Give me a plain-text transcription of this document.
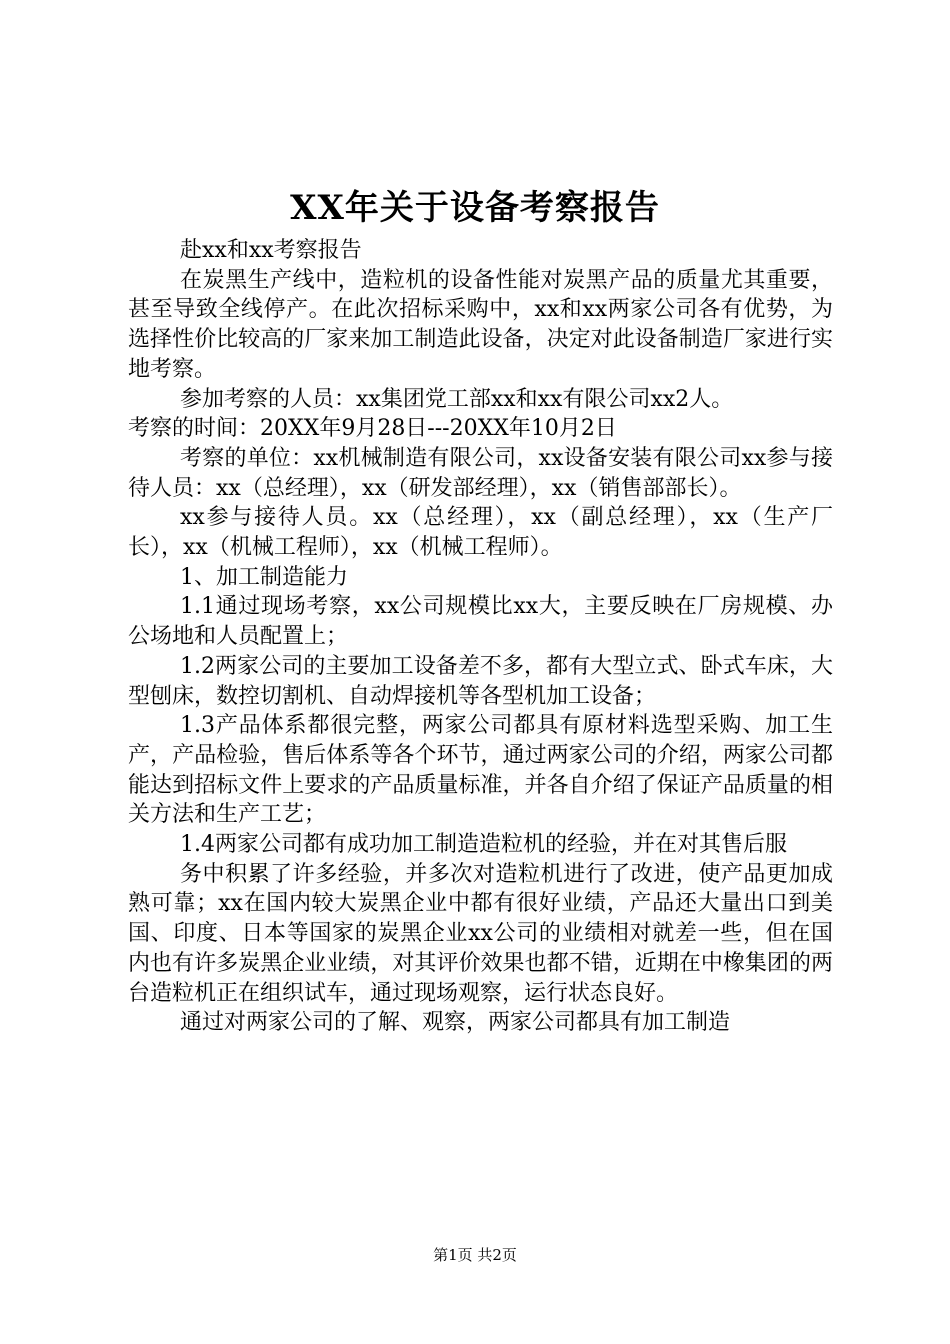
XX年关于设备考察报告

赴xx和xx考察报告

在炭黑生产线中，造粒机的设备性能对炭黑产品的质量尤其重要，甚至导致全线停产。在此次招标采购中，xx和xx两家公司各有优势，为选择性价比较高的厂家来加工制造此设备，决定对此设备制造厂家进行实地考察。

参加考察的人员：xx集团党工部xx和xx有限公司xx2人。

考察的时间：20XX年9月28日---20XX年10月2日

考察的单位：xx机械制造有限公司，xx设备安装有限公司xx参与接待人员：xx（总经理），xx（研发部经理），xx（销售部部长）。

xx参与接待人员。xx（总经理），xx（副总经理），xx（生产厂长），xx（机械工程师），xx（机械工程师）。

1、加工制造能力

1.1通过现场考察，xx公司规模比xx大，主要反映在厂房规模、办公场地和人员配置上；

1.2两家公司的主要加工设备差不多，都有大型立式、卧式车床，大型刨床，数控切割机、自动焊接机等各型机加工设备；

1.3产品体系都很完整，两家公司都具有原材料选型采购、加工生产，产品检验，售后体系等各个环节，通过两家公司的介绍，两家公司都能达到招标文件上要求的产品质量标准，并各自介绍了保证产品质量的相关方法和生产工艺；

1.4两家公司都有成功加工制造造粒机的经验，并在对其售后服

务中积累了许多经验，并多次对造粒机进行了改进，使产品更加成熟可靠；xx在国内较大炭黑企业中都有很好业绩，产品还大量出口到美国、印度、日本等国家的炭黑企业xx公司的业绩相对就差一些，但在国内也有许多炭黑企业业绩，对其评价效果也都不错，近期在中橡集团的两台造粒机正在组织试车，通过现场观察，运行状态良好。

通过对两家公司的了解、观察，两家公司都具有加工制造

第1页 共2页
